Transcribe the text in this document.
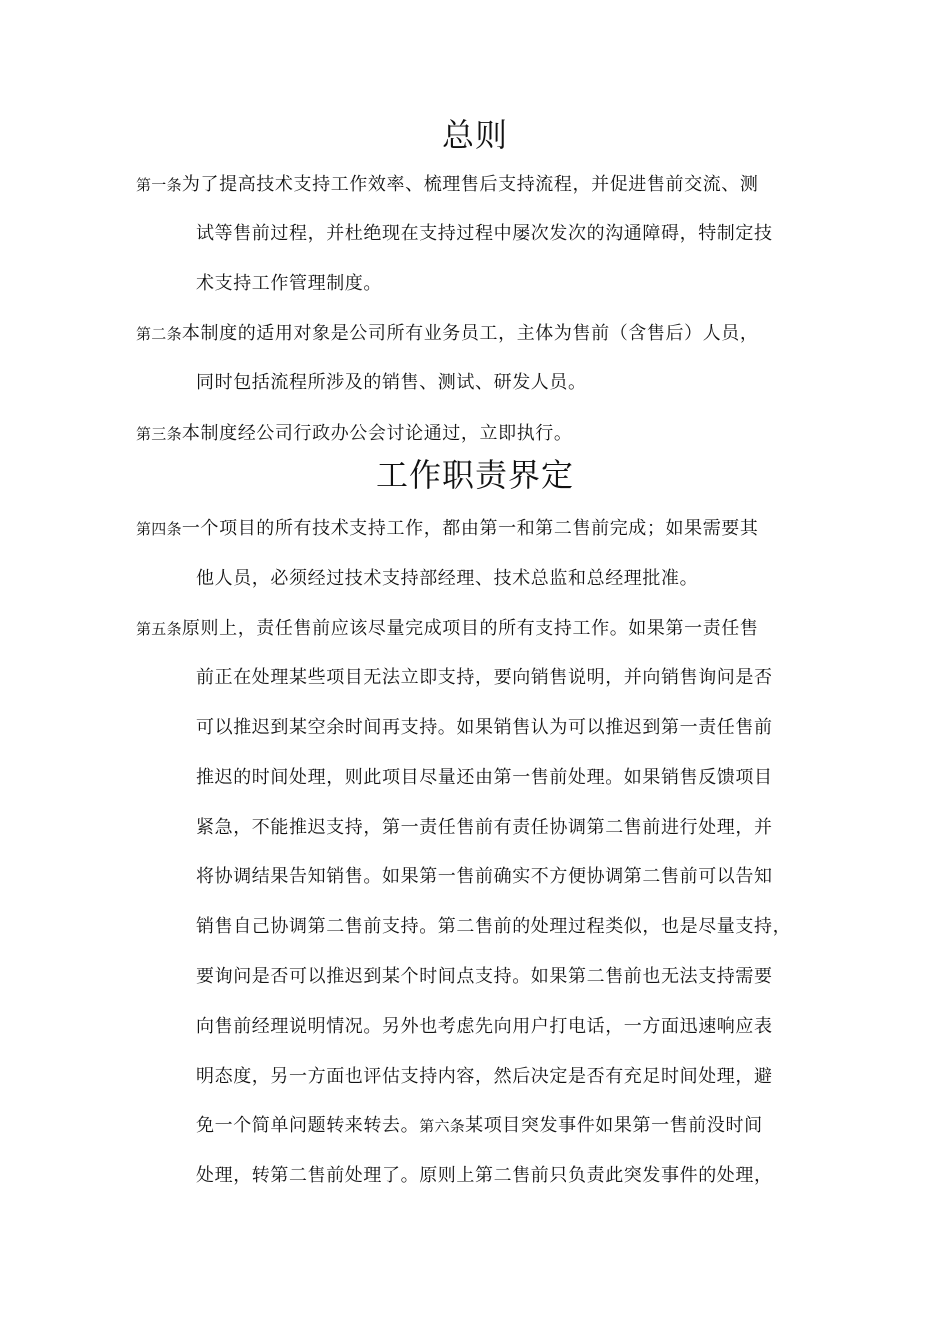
总则
第一条为了提高技术支持工作效率、梳理售后支持流程，并促进售前交流、测
试等售前过程，并杜绝现在支持过程中屡次发次的沟通障碍，特制定技
术支持工作管理制度。
第二条本制度的适用对象是公司所有业务员工，主体为售前（含售后）人员，
同时包括流程所涉及的销售、测试、研发人员。
第三条本制度经公司行政办公会讨论通过，立即执行。
工作职责界定
第四条一个项目的所有技术支持工作，都由第一和第二售前完成；如果需要其
他人员，必须经过技术支持部经理、技术总监和总经理批准。
第五条原则上，责任售前应该尽量完成项目的所有支持工作。如果第一责任售
前正在处理某些项目无法立即支持，要向销售说明，并向销售询问是否
可以推迟到某空余时间再支持。如果销售认为可以推迟到第一责任售前
推迟的时间处理，则此项目尽量还由第一售前处理。如果销售反馈项目
紧急，不能推迟支持，第一责任售前有责任协调第二售前进行处理，并
将协调结果告知销售。如果第一售前确实不方便协调第二售前可以告知
销售自己协调第二售前支持。第二售前的处理过程类似，也是尽量支持，
要询问是否可以推迟到某个时间点支持。如果第二售前也无法支持需要
向售前经理说明情况。另外也考虑先向用户打电话，一方面迅速响应表
明态度，另一方面也评估支持内容，然后决定是否有充足时间处理，避
免一个简单问题转来转去。第六条某项目突发事件如果第一售前没时间
处理，转第二售前处理了。原则上第二售前只负责此突发事件的处理，
